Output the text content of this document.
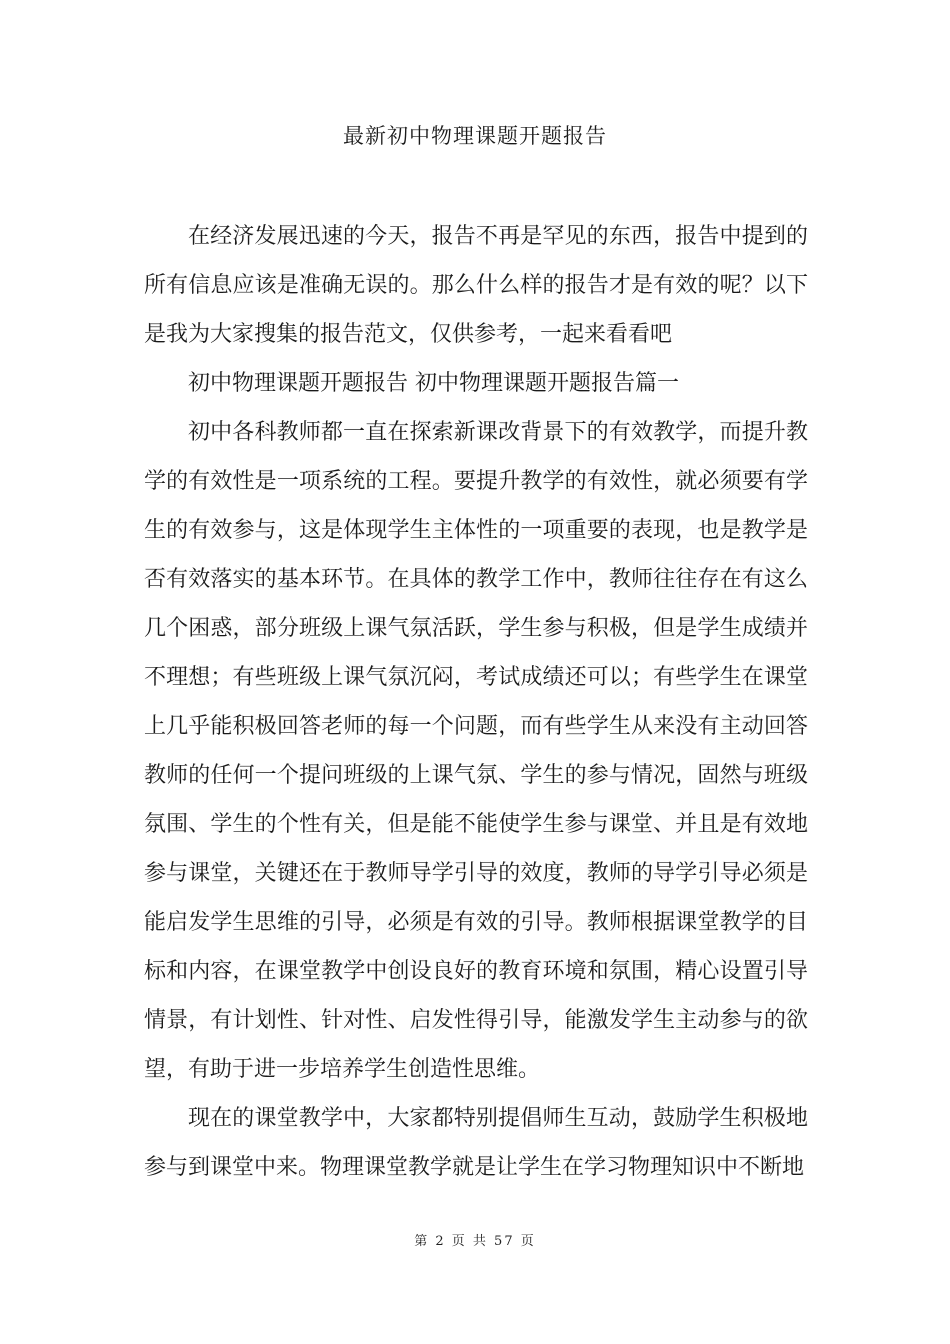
最新初中物理课题开题报告

在经济发展迅速的今天，报告不再是罕见的东西，报告中提到的所有信息应该是准确无误的。那么什么样的报告才是有效的呢？以下是我为大家搜集的报告范文，仅供参考，一起来看看吧

初中物理课题开题报告 初中物理课题开题报告篇一

初中各科教师都一直在探索新课改背景下的有效教学，而提升教学的有效性是一项系统的工程。要提升教学的有效性，就必须要有学生的有效参与，这是体现学生主体性的一项重要的表现，也是教学是否有效落实的基本环节。在具体的教学工作中，教师往往存在有这么几个困惑，部分班级上课气氛活跃，学生参与积极，但是学生成绩并不理想；有些班级上课气氛沉闷，考试成绩还可以；有些学生在课堂上几乎能积极回答老师的每一个问题，而有些学生从来没有主动回答教师的任何一个提问班级的上课气氛、学生的参与情况，固然与班级氛围、学生的个性有关，但是能不能使学生参与课堂、并且是有效地参与课堂，关键还在于教师导学引导的效度，教师的导学引导必须是能启发学生思维的引导，必须是有效的引导。教师根据课堂教学的目标和内容，在课堂教学中创设良好的教育环境和氛围，精心设置引导情景，有计划性、针对性、启发性得引导，能激发学生主动参与的欲望，有助于进一步培养学生创造性思维。

现在的课堂教学中，大家都特别提倡师生互动，鼓励学生积极地参与到课堂中来。物理课堂教学就是让学生在学习物理知识中不断地

第 2 页 共 57 页
